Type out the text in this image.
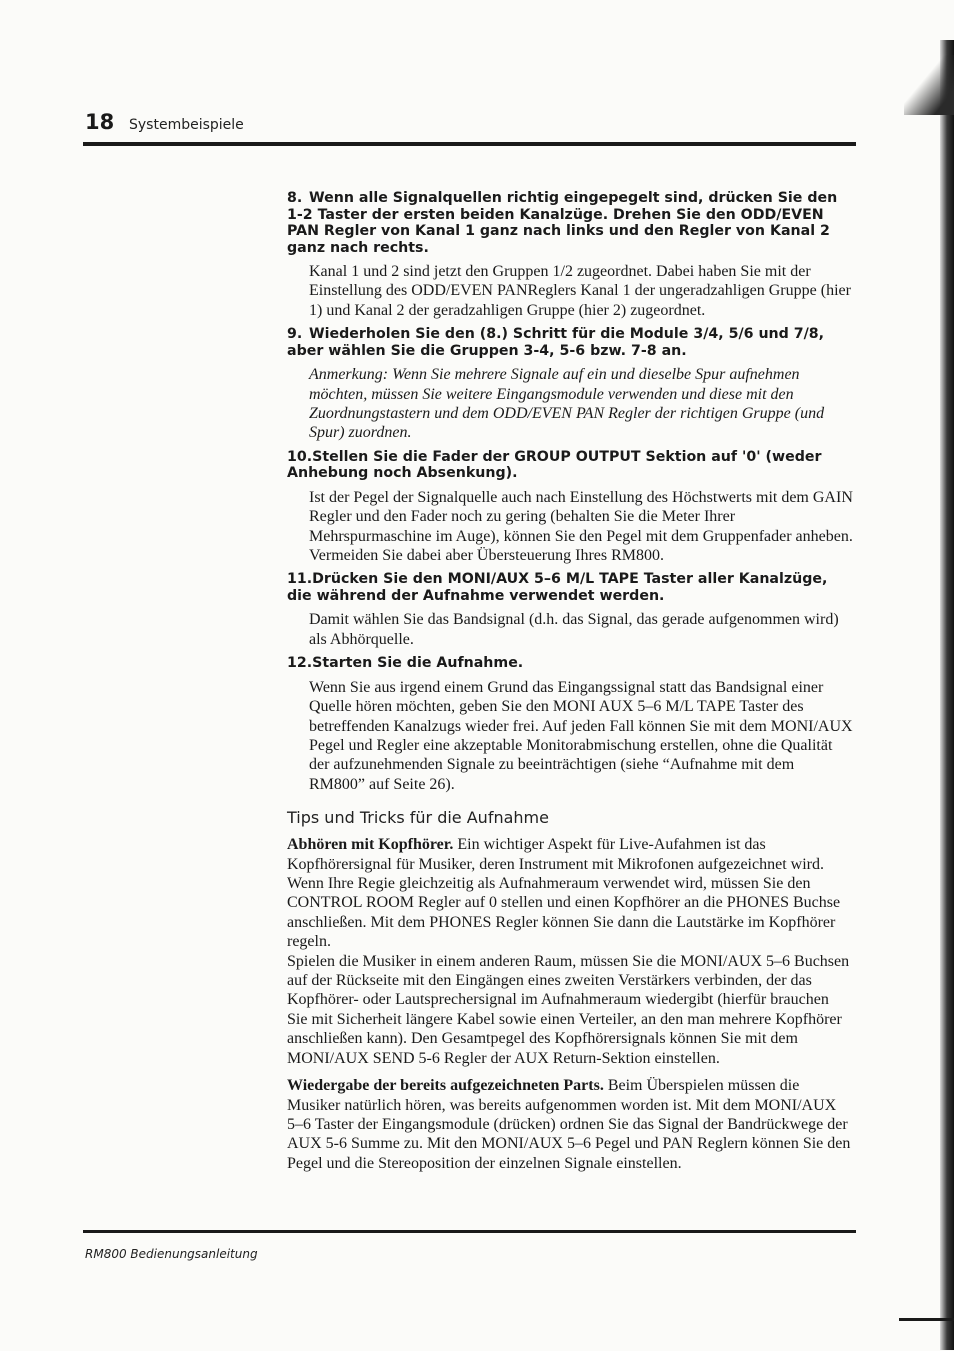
18 Systembeispiele

8. Wenn alle Signalquellen richtig eingepegelt sind, drücken Sie den 1-2 Taster der ersten beiden Kanalzüge. Drehen Sie den ODD/EVEN PAN Regler von Kanal 1 ganz nach links und den Regler von Kanal 2 ganz nach rechts.

Kanal 1 und 2 sind jetzt den Gruppen 1/2 zugeordnet. Dabei haben Sie mit der Einstellung des ODD/EVEN PANReglers Kanal 1 der ungeradzahligen Gruppe (hier 1) und Kanal 2 der geradzahligen Gruppe (hier 2) zugeordnet.

9. Wiederholen Sie den (8.) Schritt für die Module 3/4, 5/6 und 7/8, aber wählen Sie die Gruppen 3-4, 5-6 bzw. 7-8 an.

Anmerkung: Wenn Sie mehrere Signale auf ein und dieselbe Spur aufnehmen möchten, müssen Sie weitere Eingangsmodule verwenden und diese mit den Zuordnungstastern und dem ODD/EVEN PAN Regler der richtigen Gruppe (und Spur) zuordnen.

10.Stellen Sie die Fader der GROUP OUTPUT Sektion auf '0' (weder Anhebung noch Absenkung).

Ist der Pegel der Signalquelle auch nach Einstellung des Höchstwerts mit dem GAIN Regler und den Fader noch zu gering (behalten Sie die Meter Ihrer Mehrspurmaschine im Auge), können Sie den Pegel mit dem Gruppenfader anheben. Vermeiden Sie dabei aber Übersteuerung Ihres RM800.

11.Drücken Sie den MONI/AUX 5–6 M/L TAPE Taster aller Kanalzüge, die während der Aufnahme verwendet werden.

Damit wählen Sie das Bandsignal (d.h. das Signal, das gerade aufgenommen wird) als Abhörquelle.

12.Starten Sie die Aufnahme.

Wenn Sie aus irgend einem Grund das Eingangssignal statt das Bandsignal einer Quelle hören möchten, geben Sie den MONI AUX 5–6 M/L TAPE Taster des betreffenden Kanalzugs wieder frei. Auf jeden Fall können Sie mit dem MONI/AUX Pegel und Regler eine akzeptable Monitorabmischung erstellen, ohne die Qualität der aufzunehmenden Signale zu beeinträchtigen (siehe “Aufnahme mit dem RM800” auf Seite 26).

Tips und Tricks für die Aufnahme

Abhören mit Kopfhörer. Ein wichtiger Aspekt für Live-Aufahmen ist das Kopfhörersignal für Musiker, deren Instrument mit Mikrofonen aufgezeichnet wird. Wenn Ihre Regie gleichzeitig als Aufnahmeraum verwendet wird, müssen Sie den CONTROL ROOM Regler auf 0 stellen und einen Kopfhörer an die PHONES Buchse anschließen. Mit dem PHONES Regler können Sie dann die Lautstärke im Kopfhörer regeln.
Spielen die Musiker in einem anderen Raum, müssen Sie die MONI/AUX 5–6 Buchsen auf der Rückseite mit den Eingängen eines zweiten Verstärkers verbinden, der das Kopfhörer- oder Lautsprechersignal im Aufnahmeraum wiedergibt (hierfür brauchen Sie mit Sicherheit längere Kabel sowie einen Verteiler, an den man mehrere Kopfhörer anschließen kann). Den Gesamtpegel des Kopfhörersignals können Sie mit dem MONI/AUX SEND 5-6 Regler der AUX Return-Sektion einstellen.

Wiedergabe der bereits aufgezeichneten Parts. Beim Überspielen müssen die Musiker natürlich hören, was bereits aufgenommen worden ist. Mit dem MONI/AUX 5–6 Taster der Eingangsmodule (drücken) ordnen Sie das Signal der Bandrückwege der AUX 5-6 Summe zu. Mit den MONI/AUX 5–6 Pegel und PAN Reglern können Sie den Pegel und die Stereoposition der einzelnen Signale einstellen.

RM800 Bedienungsanleitung
